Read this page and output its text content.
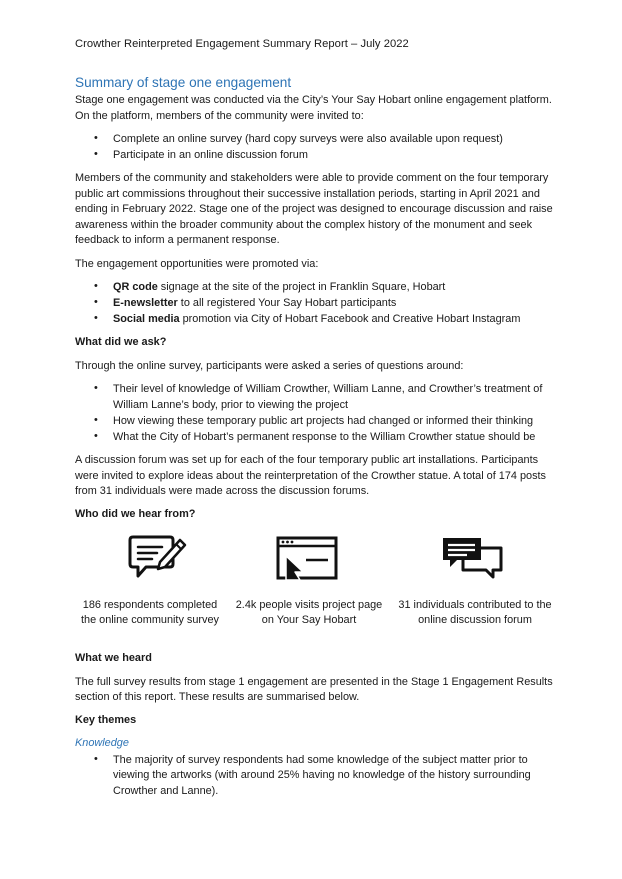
Crowther Reinterpreted Engagement Summary Report – July 2022
Summary of stage one engagement
Stage one engagement was conducted via the City’s Your Say Hobart online engagement platform.
On the platform, members of the community were invited to:
• Complete an online survey (hard copy surveys were also available upon request)
• Participate in an online discussion forum
Members of the community and stakeholders were able to provide comment on the four temporary
public art commissions throughout their successive installation periods, starting in April 2021 and
ending in February 2022. Stage one of the project was designed to encourage discussion and raise
awareness within the broader community about the complex history of the monument and seek
feedback to inform a permanent response.
The engagement opportunities were promoted via:
• QR code signage at the site of the project in Franklin Square, Hobart
• E-newsletter to all registered Your Say Hobart participants
• Social media promotion via City of Hobart Facebook and Creative Hobart Instagram
What did we ask?
Through the online survey, participants were asked a series of questions around:
• Their level of knowledge of William Crowther, William Lanne, and Crowther’s treatment of
William Lanne’s body, prior to viewing the project
• How viewing these temporary public art projects had changed or informed their thinking
• What the City of Hobart’s permanent response to the William Crowther statue should be
A discussion forum was set up for each of the four temporary public art installations. Participants
were invited to explore ideas about the reinterpretation of the Crowther statue. A total of 174 posts
from 31 individuals were made across the discussion forums.
Who did we hear from?
186 respondents completed
the online community survey
2.4k people visits project page
on Your Say Hobart
31 individuals contributed to the
online discussion forum
What we heard
The full survey results from stage 1 engagement are presented in the Stage 1 Engagement Results
section of this report. These results are summarised below.
Key themes
Knowledge
• The majority of survey respondents had some knowledge of the subject matter prior to
viewing the artworks (with around 25% having no knowledge of the history surrounding
Crowther and Lanne).
